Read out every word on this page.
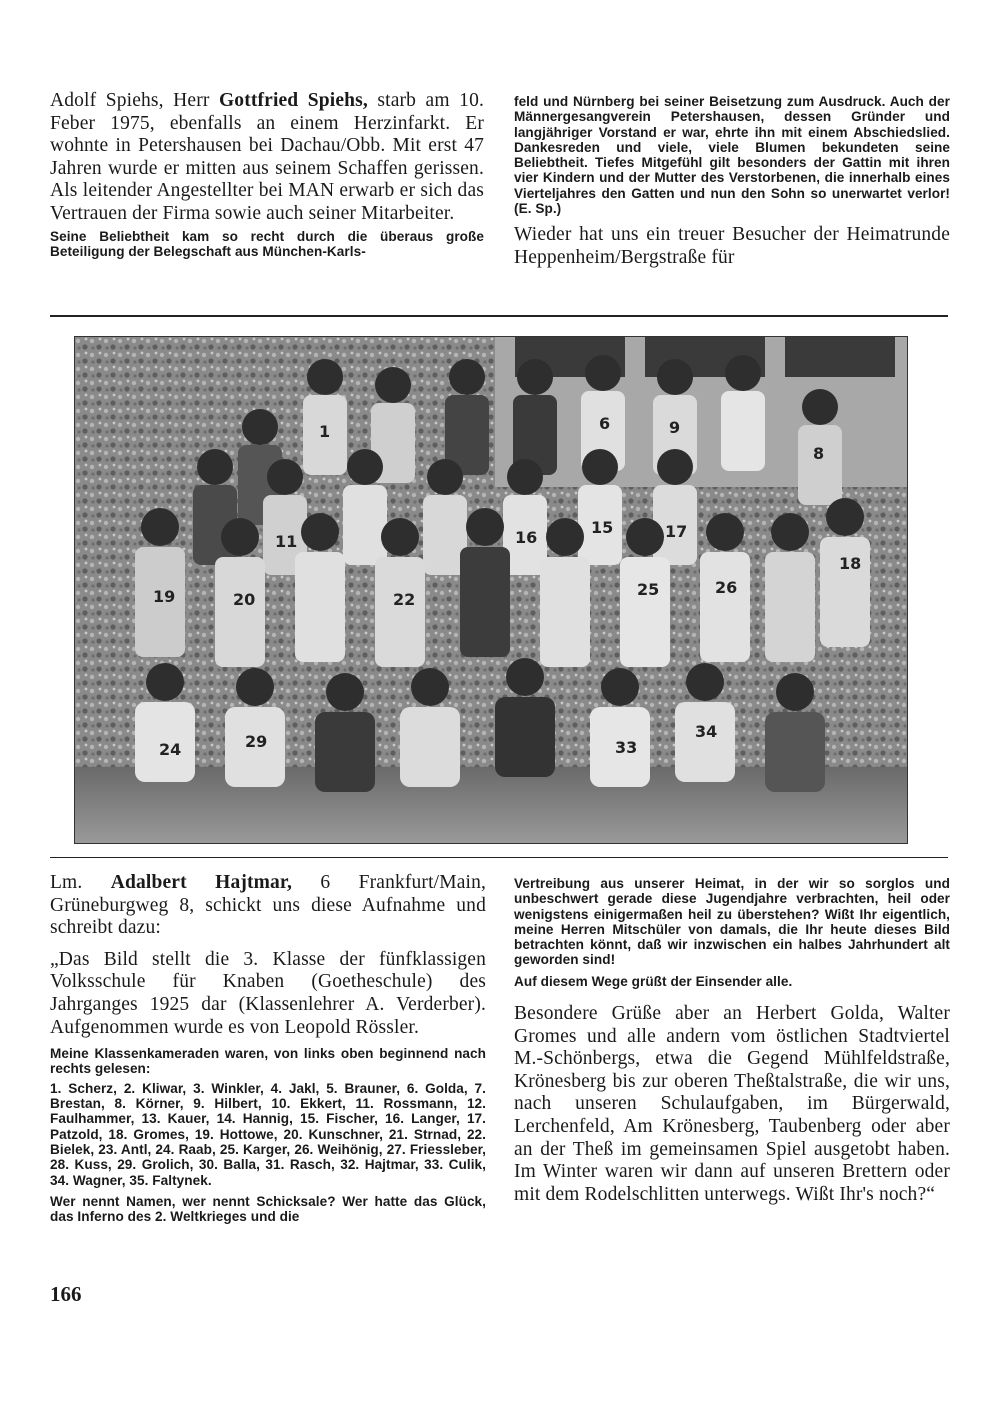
Adolf Spiehs, Herr Gottfried Spiehs, starb am 10. Feber 1975, ebenfalls an einem Herzinfarkt. Er wohnte in Petershausen bei Dachau/Obb. Mit erst 47 Jahren wurde er mitten aus seinem Schaffen gerissen. Als leitender Angestellter bei MAN erwarb er sich das Vertrauen der Firma sowie auch seiner Mitarbeiter.

Seine Beliebtheit kam so recht durch die überaus große Beteiligung der Belegschaft aus München-Karls-

feld und Nürnberg bei seiner Beisetzung zum Ausdruck. Auch der Männergesangverein Petershausen, dessen Gründer und langjähriger Vorstand er war, ehrte ihn mit einem Abschiedslied. Dankesreden und viele, viele Blumen bekundeten seine Beliebtheit. Tiefes Mitgefühl gilt besonders der Gattin mit ihren vier Kindern und der Mutter des Verstorbenen, die innerhalb eines Vierteljahres den Gatten und nun den Sohn so unerwartet verlor! (E. Sp.)

Wieder hat uns ein treuer Besucher der Heimatrunde Heppenheim/Bergstraße für

1	6	9
8
11	16
15	17
19	20	22
25	26
18
24	29	33
34

Lm. Adalbert Hajtmar, 6 Frankfurt/Main, Grüneburgweg 8, schickt uns diese Aufnahme und schreibt dazu:

„Das Bild stellt die 3. Klasse der fünfklassigen Volksschule für Knaben (Goetheschule) des Jahrganges 1925 dar (Klassenlehrer A. Verderber). Aufgenommen wurde es von Leopold Rössler.

Meine Klassenkameraden waren, von links oben beginnend nach rechts gelesen:

1. Scherz, 2. Kliwar, 3. Winkler, 4. Jakl, 5. Brauner, 6. Golda, 7. Brestan, 8. Körner, 9. Hilbert, 10. Ekkert, 11. Rossmann, 12. Faulhammer, 13. Kauer, 14. Hannig, 15. Fischer, 16. Langer, 17. Patzold, 18. Gromes, 19. Hottowe, 20. Kunschner, 21. Strnad, 22. Bielek, 23. Antl, 24. Raab, 25. Karger, 26. Weihönig, 27. Friessleber, 28. Kuss, 29. Grolich, 30. Balla, 31. Rasch, 32. Hajtmar, 33. Culik, 34. Wagner, 35. Faltynek.

Wer nennt Namen, wer nennt Schicksale? Wer hatte das Glück, das Inferno des 2. Weltkrieges und die

Vertreibung aus unserer Heimat, in der wir so sorglos und unbeschwert gerade diese Jugendjahre verbrachten, heil oder wenigstens einigermaßen heil zu überstehen? Wißt Ihr eigentlich, meine Herren Mitschüler von damals, die Ihr heute dieses Bild betrachten könnt, daß wir inzwischen ein halbes Jahrhundert alt geworden sind!

Auf diesem Wege grüßt der Einsender alle.

Besondere Grüße aber an Herbert Golda, Walter Gromes und alle andern vom östlichen Stadtviertel M.-Schönbergs, etwa die Gegend Mühlfeldstraße, Krönesberg bis zur oberen Theßtalstraße, die wir uns, nach unseren Schulaufgaben, im Bürgerwald, Lerchenfeld, Am Krönesberg, Taubenberg oder aber an der Theß im gemeinsamen Spiel ausgetobt haben. Im Winter waren wir dann auf unseren Brettern oder mit dem Rodelschlitten unterwegs. Wißt Ihr's noch?“

166
